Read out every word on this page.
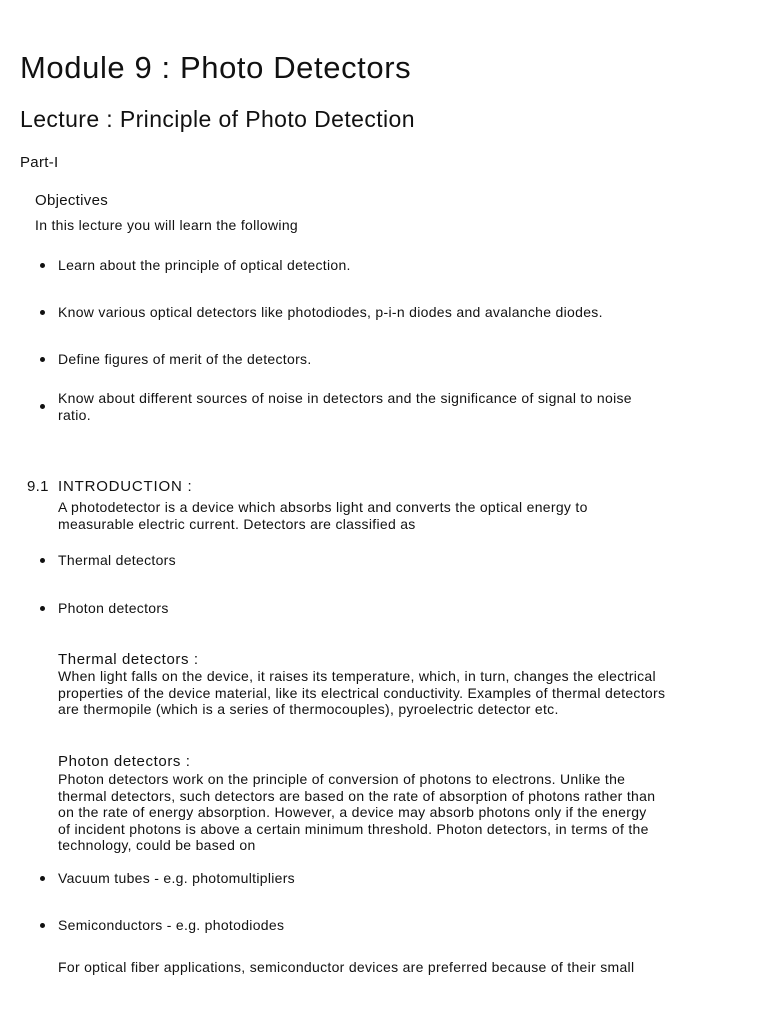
Module 9 : Photo Detectors
Lecture : Principle of Photo Detection
Part-I
Objectives
In this lecture you will learn the following
Learn about the principle of optical detection.
Know various optical detectors like photodiodes, p-i-n diodes and avalanche diodes.
Define figures of merit of the detectors.
Know about different sources of noise in detectors and the significance of signal to noise ratio.
9.1 INTRODUCTION :
A photodetector is a device which absorbs light and converts the optical energy to measurable electric current. Detectors are classified as
Thermal detectors
Photon detectors
Thermal detectors :
When light falls on the device, it raises its temperature, which, in turn, changes the electrical properties of the device material, like its electrical conductivity. Examples of thermal detectors are thermopile (which is a series of thermocouples), pyroelectric detector etc.
Photon detectors :
Photon detectors work on the principle of conversion of photons to electrons. Unlike the thermal detectors, such detectors are based on the rate of absorption of photons rather than on the rate of energy absorption. However, a device may absorb photons only if the energy of incident photons is above a certain minimum threshold. Photon detectors, in terms of the technology, could be based on
Vacuum tubes - e.g. photomultipliers
Semiconductors - e.g. photodiodes
For optical fiber applications, semiconductor devices are preferred because of their small
